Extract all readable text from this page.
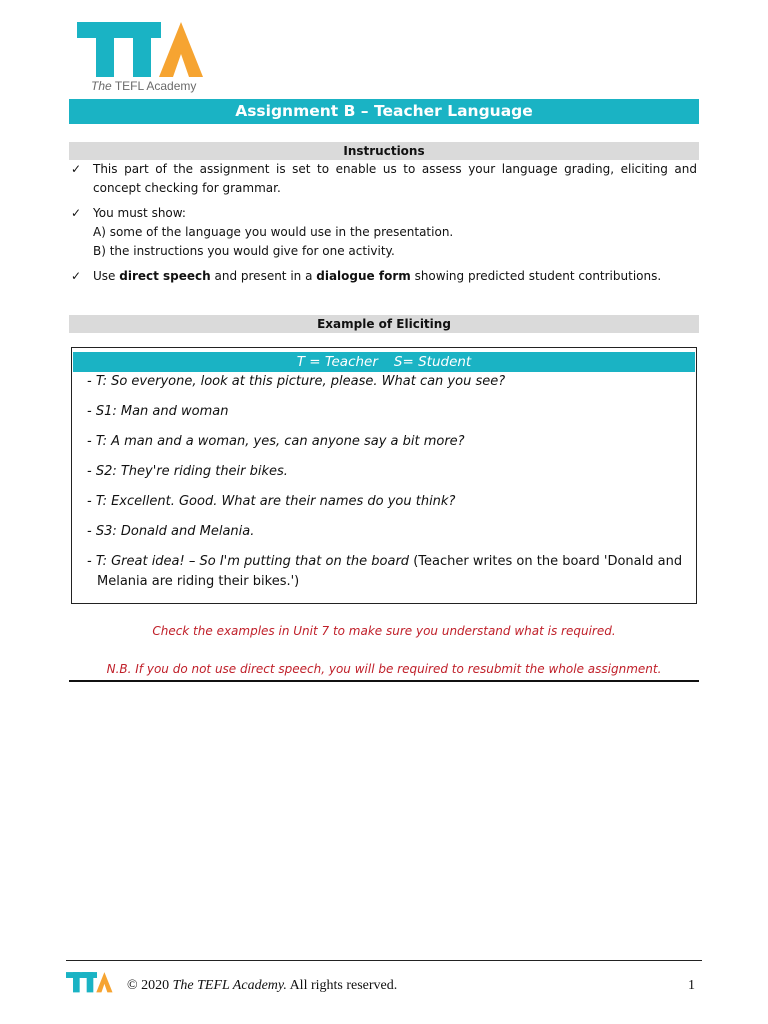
The TEFL Academy
Assignment B – Teacher Language
Instructions
✓ This part of the assignment is set to enable us to assess your language grading, eliciting and concept checking for grammar.
✓ You must show:
A) some of the language you would use in the presentation.
B) the instructions you would give for one activity.
✓ Use direct speech and present in a dialogue form showing predicted student contributions.
Example of Eliciting
T = Teacher S= Student
- T: So everyone, look at this picture, please. What can you see?
- S1: Man and woman
- T: A man and a woman, yes, can anyone say a bit more?
- S2: They're riding their bikes.
- T: Excellent. Good. What are their names do you think?
- S3: Donald and Melania.
- T: Great idea! – So I'm putting that on the board (Teacher writes on the board 'Donald and
Melania are riding their bikes.')
Check the examples in Unit 7 to make sure you understand what is required.
N.B. If you do not use direct speech, you will be required to resubmit the whole assignment.
© 2020 The TEFL Academy. All rights reserved.	1
